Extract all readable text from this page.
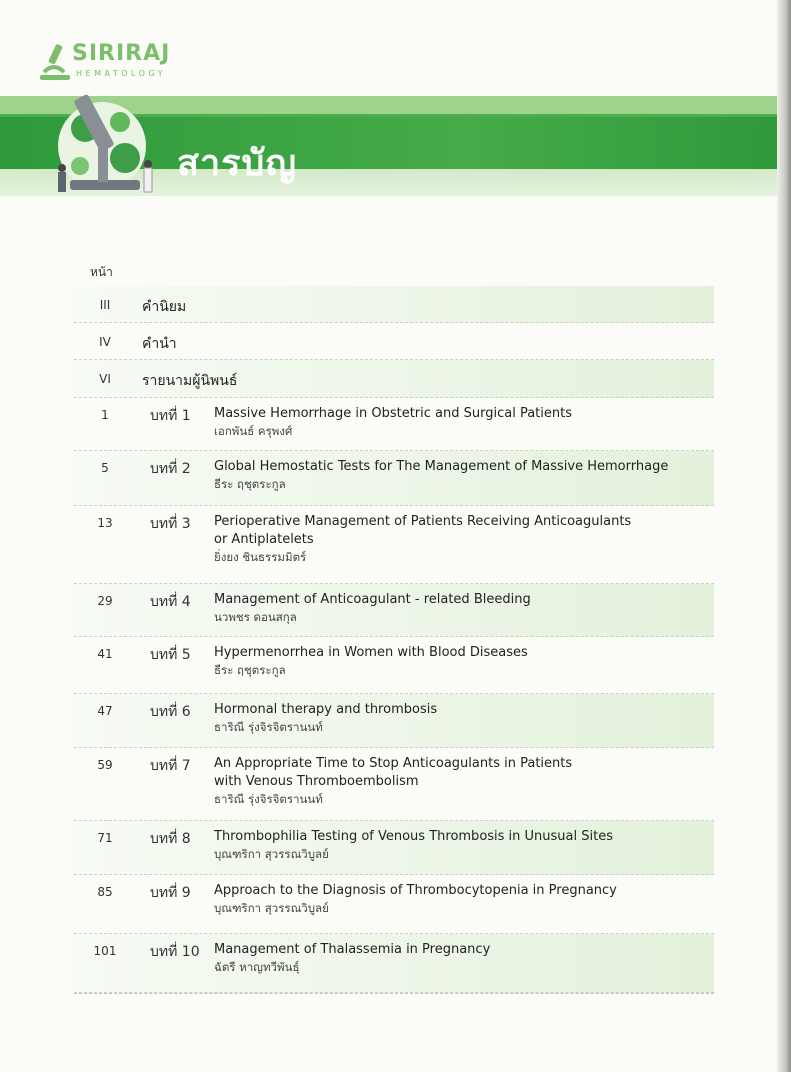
SIRIRAJ
HEMATOLOGY
สารบัญ
หน้า
III	คำนิยม
IV	คำนำ
VI	รายนามผู้นิพนธ์
1	บทที่ 1 Massive Hemorrhage in Obstetric and Surgical Patients
เอกพันธ์ ครุพงศ์
5	บทที่ 2 Global Hemostatic Tests for The Management of Massive Hemorrhage
ธีระ ฤชุตระกูล
13	บทที่ 3 Perioperative Management of Patients Receiving Anticoagulants
or Antiplatelets
ยิ่งยง ชินธรรมมิตร์
29	บทที่ 4 Management of Anticoagulant - related Bleeding
นวพชร ดอนสกุล
41	บทที่ 5 Hypermenorrhea in Women with Blood Diseases
ธีระ ฤชุตระกูล
47	บทที่ 6 Hormonal therapy and thrombosis
ธาริณี รุ่งจิรจิตรานนท์
59	บทที่ 7 An Appropriate Time to Stop Anticoagulants in Patients
with Venous Thromboembolism
ธาริณี รุ่งจิรจิตรานนท์
71	บทที่ 8 Thrombophilia Testing of Venous Thrombosis in Unusual Sites
บุณฑริกา สุวรรณวิบูลย์
85	บทที่ 9 Approach to the Diagnosis of Thrombocytopenia in Pregnancy
บุณฑริกา สุวรรณวิบูลย์
101	บทที่ 10 Management of Thalassemia in Pregnancy
ฉัตรี หาญทวีพันธุ์
